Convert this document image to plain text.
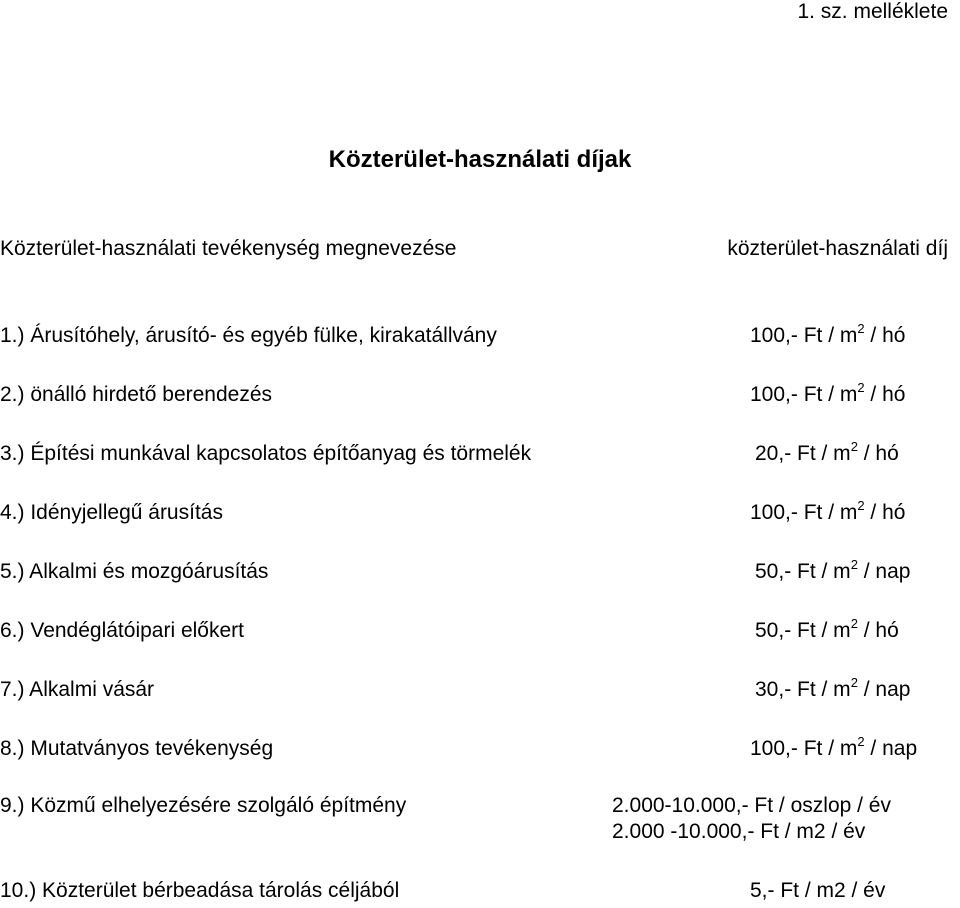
1. sz. melléklete
Közterület-használati díjak
Közterület-használati tevékenység megnevezése	közterület-használati díj
1.) Árusítóhely, árusító- és egyéb fülke, kirakatállvány	100,- Ft / $m^2$ / hó
2.) önálló hirdető berendezés	100,- Ft / $m^2$ / hó
3.) Építési munkával kapcsolatos építőanyag és törmelék	20,- Ft / $m^2$ / hó
4.) Idényjellegű árusítás	100,- Ft / $m^2$ / hó
5.) Alkalmi és mozgóárusítás	50,- Ft / $m^2$ / nap
6.) Vendéglátóipari előkert	50,- Ft / $m^2$ / hó
7.) Alkalmi vásár	30,- Ft / $m^2$ / nap
8.) Mutatványos tevékenység	100,- Ft / $m^2$ / nap
9.) Közmű elhelyezésére szolgáló építmény	2.000-10.000,- Ft / oszlop / év
2.000 -10.000,- Ft / m2 / év
10.) Közterület bérbeadása tárolás céljából	5,- Ft / m2 / év
